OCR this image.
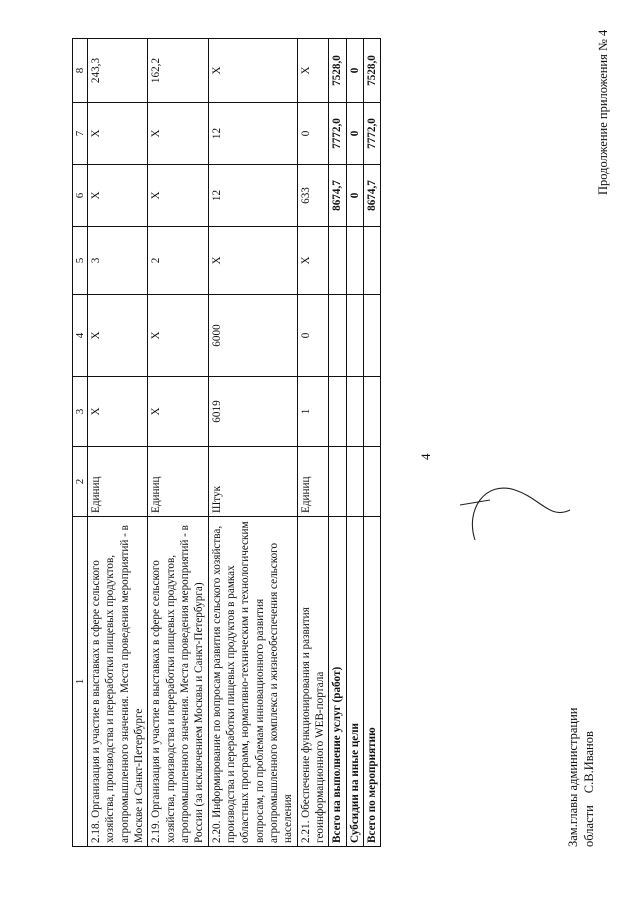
4
Продолжение приложения № 4
1	2	3	4	5	6	7	8
2.18. Организация и участие в выставках в сфере сельского хозяйства, производства и переработки пищевых продуктов, агропромышленного значения. Места проведения мероприятий - в Москве и Санкт-Петербурге	Единиц	Х	Х	3	Х	Х	243,3
2.19. Организация и участие в выставках в сфере сельского хозяйства, производства и переработки пищевых продуктов, агропромышленного значения. Места проведения мероприятий - в России (за исключением Москвы и Санкт-Петербурга)	Единиц	Х	Х	2	Х	Х	162,2
2.20. Информирование по вопросам развития сельского хозяйства, производства и переработки пищевых продуктов в рамках областных программ, нормативно-техническим и технологическим вопросам, по проблемам инновационного развития агропромышленного комплекса и жизнеобеспечения сельского населения	Штук	6019	6000	Х	12	12	Х
2.21. Обеспечение функционирования и развития геоинформационного WEB-портала	Единиц	1	0	Х	633	0	Х
Всего на выполнение услуг (работ)					8674,7	7772,0	7528,0
Субсидии на иные цели					0	0	0
Всего по мероприятию					8674,7	7772,0	7528,0
Зам.главы администрации областиС.В.Иванов
